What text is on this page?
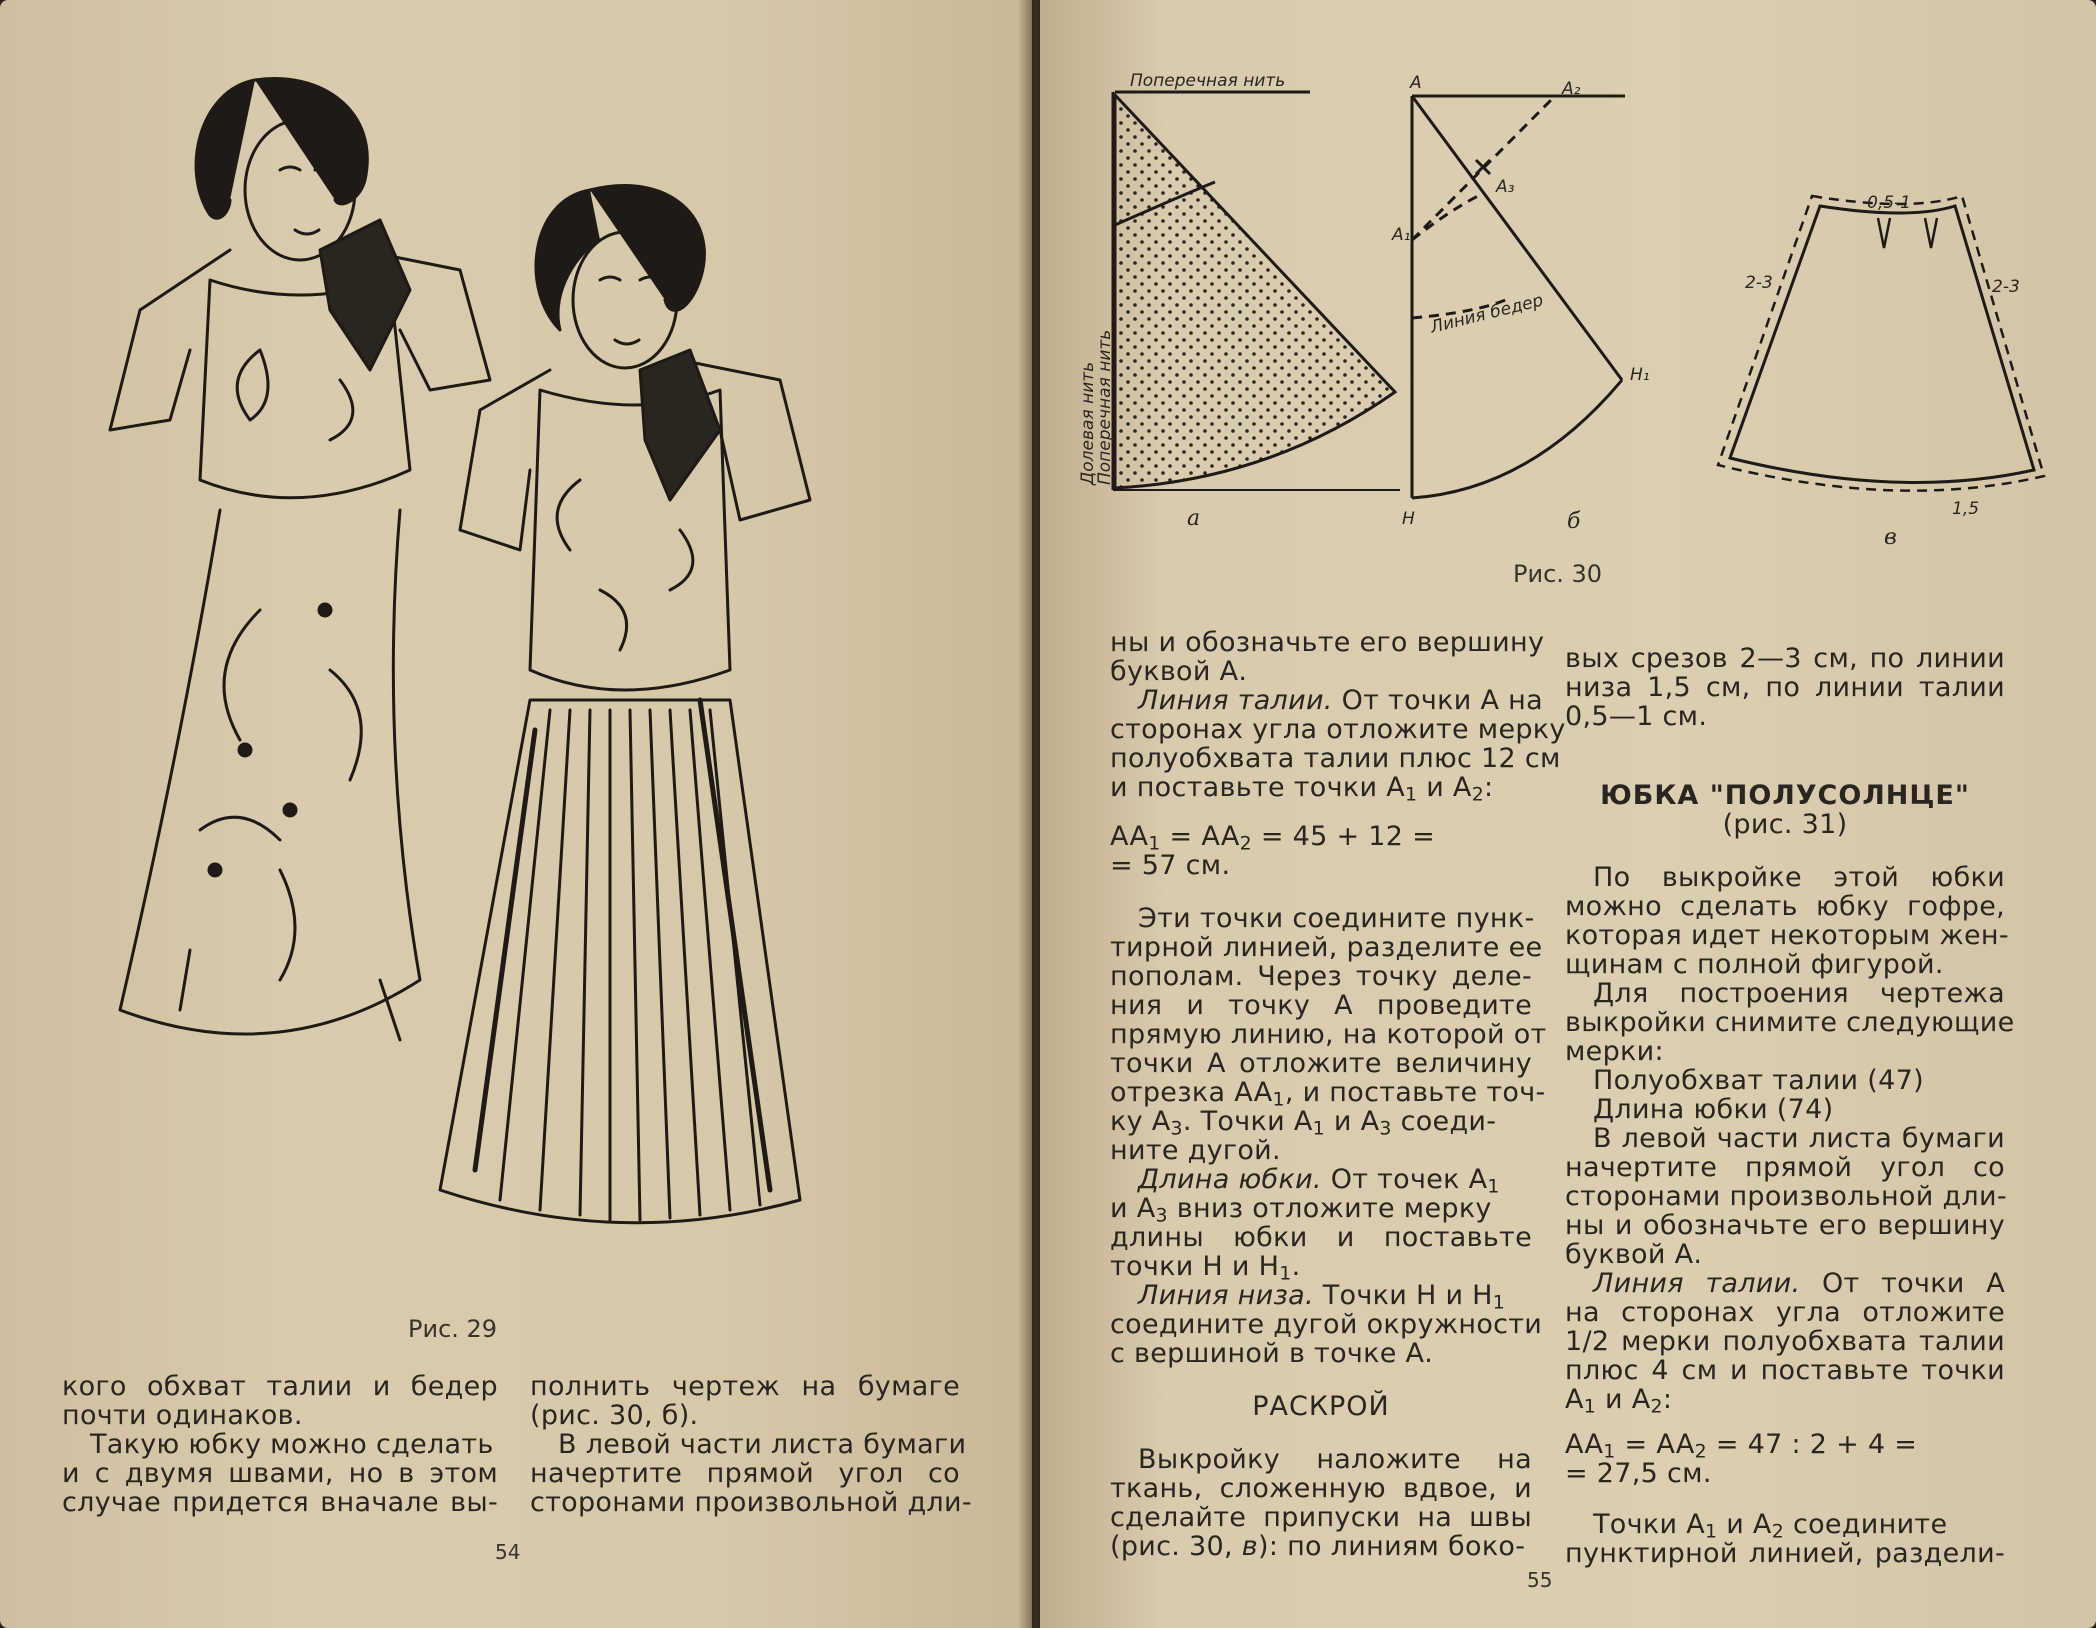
Рис. 29
кого обхват талии и бедер
почти одинаков.
Такую юбку можно сделать
и с двумя швами, но в этом
случае придется вначале вы-
полнить чертеж на бумаге
(рис. 30, б).
В левой части листа бумаги
начертите прямой угол со
сторонами произвольной дли-
54
Поперечная нить
Долевая нить
Поперечная нить
а
A	A₂
A₃
A₁
Линия бедер
H₁
H	б
0,5-1
2-3	2-3
1,5
в
Рис. 30
ны и обозначьте его вершину
буквой А.
Линия талии. От точки А на
сторонах угла отложите мерку
полуобхвата талии плюс 12 см
и поставьте точки $A_1$ и $A_2$:
$AA_1 = AA_2 = 45 + 12$ =
= 57 см.
Эти точки соедините пунк-
тирной линией, разделите ее
пополам. Через точку деле-
ния и точку А проведите
прямую линию, на которой от
точки А отложите величину
отрезка $AA_1$, и поставьте точ-
ку $A_3$. Точки $A_1$ и $A_3$ соеди-
ните дугой.
Длина юбки. От точек $A_1$
и $A_3$ вниз отложите мерку
длины юбки и поставьте
точки H и $H_1$.
Линия низа. Точки H и $H_1$
соедините дугой окружности
с вершиной в точке А.
РАСКРОЙ
Выкройку наложите на
ткань, сложенную вдвое, и
сделайте припуски на швы
(рис. 30, в): по линиям боко-
вых срезов 2—3 см, по линии
низа 1,5 см, по линии талии
0,5—1 см.
ЮБКА "ПОЛУСОЛНЦЕ"
(рис. 31)
По выкройке этой юбки
можно сделать юбку гофре,
которая идет некоторым жен-
щинам с полной фигурой.
Для построения чертежа
выкройки снимите следующие
мерки:
Полуобхват талии (47)
Длина юбки (74)
В левой части листа бумаги
начертите прямой угол со
сторонами произвольной дли-
ны и обозначьте его вершину
буквой А.
Линия талии. От точки А
на сторонах угла отложите
1/2 мерки полуобхвата талии
плюс 4 см и поставьте точки
$A_1$ и $A_2$:
$AA_1 = AA_2 = 47$ : 2 + 4 =
= 27,5 см.
Точки $A_1$ и $A_2$ соедините
пунктирной линией, раздели-
55
